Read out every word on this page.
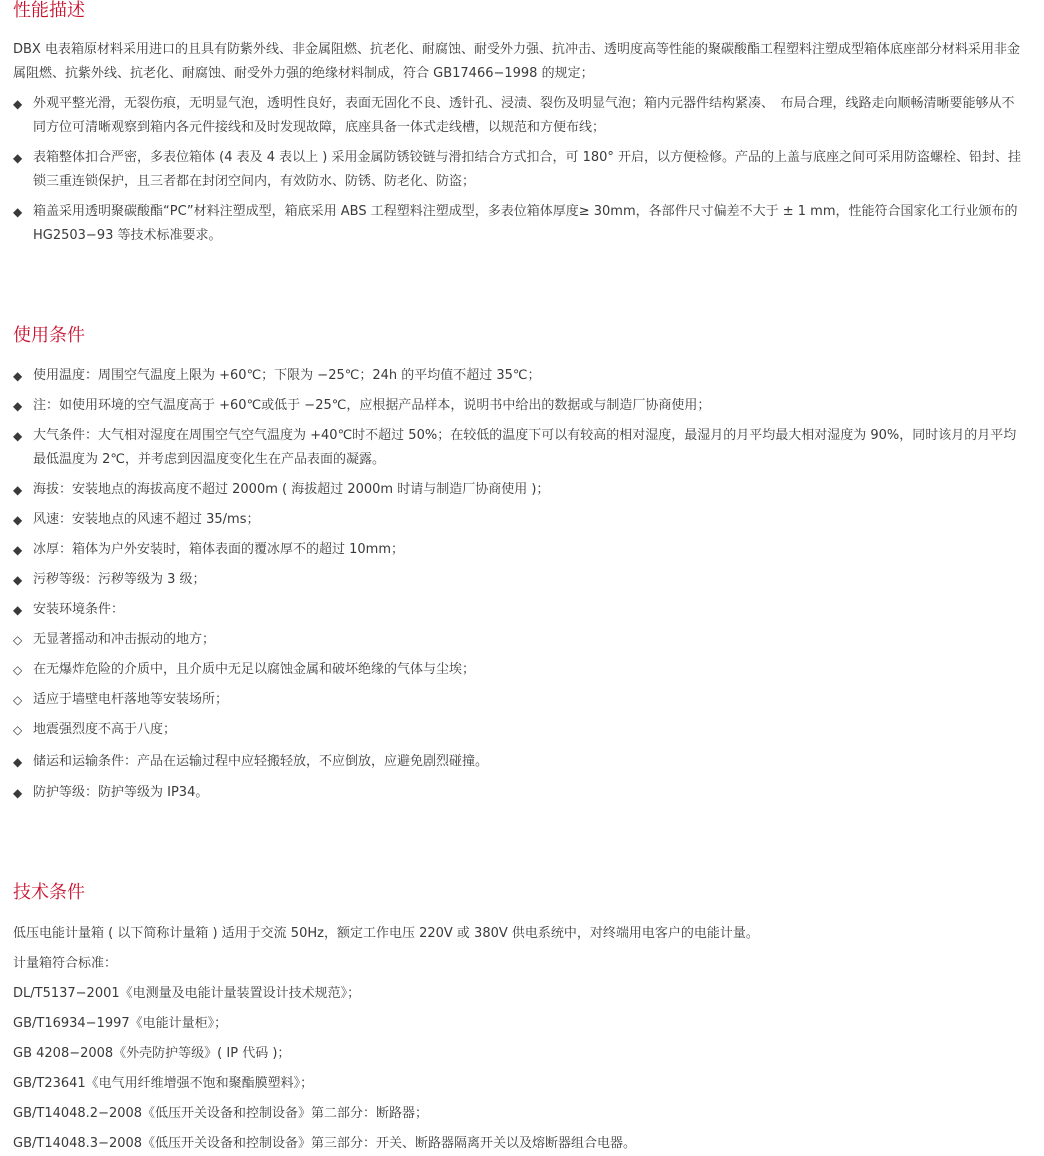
性能描述

DBX 电表箱原材料采用进口的且具有防紫外线、非金属阻燃、抗老化、耐腐蚀、耐受外力强、抗冲击、透明度高等性能的聚碳酸酯工程塑料注塑成型箱体底座部分材料采用非金属阻燃、抗紫外线、抗老化、耐腐蚀、耐受外力强的绝缘材料制成，符合 GB17466−1998 的规定；

◆ 外观平整光滑，无裂伤痕，无明显气泡，透明性良好，表面无固化不良、透针孔、浸渍、裂伤及明显气泡；箱内元器件结构紧凑、　布局合理，线路走向顺畅清晰要能够从不同方位可清晰观察到箱内各元件接线和及时发现故障，底座具备一体式走线槽，以规范和方便布线；
◆ 表箱整体扣合严密，多表位箱体 (4 表及 4 表以上 ) 采用金属防锈铰链与滑扣结合方式扣合，可 180° 开启，以方便检修。产品的上盖与底座之间可采用防盗螺栓、铅封、挂锁三重连锁保护，且三者都在封闭空间内，有效防水、防锈、防老化、防盗；
◆ 箱盖采用透明聚碳酸酯“PC”材料注塑成型，箱底采用 ABS 工程塑料注塑成型，多表位箱体厚度≥ 30mm，各部件尺寸偏差不大于 ± 1 mm，性能符合国家化工行业颁布的 HG2503−93 等技术标准要求。
使用条件
◆ 使用温度：周围空气温度上限为 +60℃；下限为 −25℃；24h 的平均值不超过 35℃；
◆ 注：如使用环境的空气温度高于 +60℃或低于 −25℃，应根据产品样本，说明书中给出的数据或与制造厂协商使用；
◆ 大气条件：大气相对湿度在周围空气空气温度为 +40℃时不超过 50%；在较低的温度下可以有较高的相对湿度，最湿月的月平均最大相对湿度为 90%，同时该月的月平均最低温度为 2℃，并考虑到因温度变化生在产品表面的凝露。
◆ 海拔：安装地点的海拔高度不超过 2000m ( 海拔超过 2000m 时请与制造厂协商使用 )；
◆ 风速：安装地点的风速不超过 35/ms；
◆ 冰厚：箱体为户外安装时，箱体表面的覆冰厚不的超过 10mm；
◆ 污秽等级：污秽等级为 3 级；
◆ 安装环境条件：
◇ 无显著摇动和冲击振动的地方；
◇ 在无爆炸危险的介质中，且介质中无足以腐蚀金属和破坏绝缘的气体与尘埃；
◇ 适应于墙壁电杆落地等安装场所；
◇ 地震强烈度不高于八度；
◆ 储运和运输条件：产品在运输过程中应轻搬轻放，不应倒放，应避免剧烈碰撞。
◆ 防护等级：防护等级为 IP34。
技术条件

低压电能计量箱 ( 以下简称计量箱 ) 适用于交流 50Hz，额定工作电压 220V 或 380V 供电系统中，对终端用电客户的电能计量。

计量箱符合标准：

DL/T5137−2001《电测量及电能计量装置设计技术规范》；

GB/T16934−1997《电能计量柜》；

GB 4208−2008《外壳防护等级》( IP 代码 )；

GB/T23641《电气用纤维增强不饱和聚酯膜塑料》；

GB/T14048.2−2008《低压开关设备和控制设备》第二部分：断路器；

GB/T14048.3−2008《低压开关设备和控制设备》第三部分：开关、断路器隔离开关以及熔断器组合电器。
